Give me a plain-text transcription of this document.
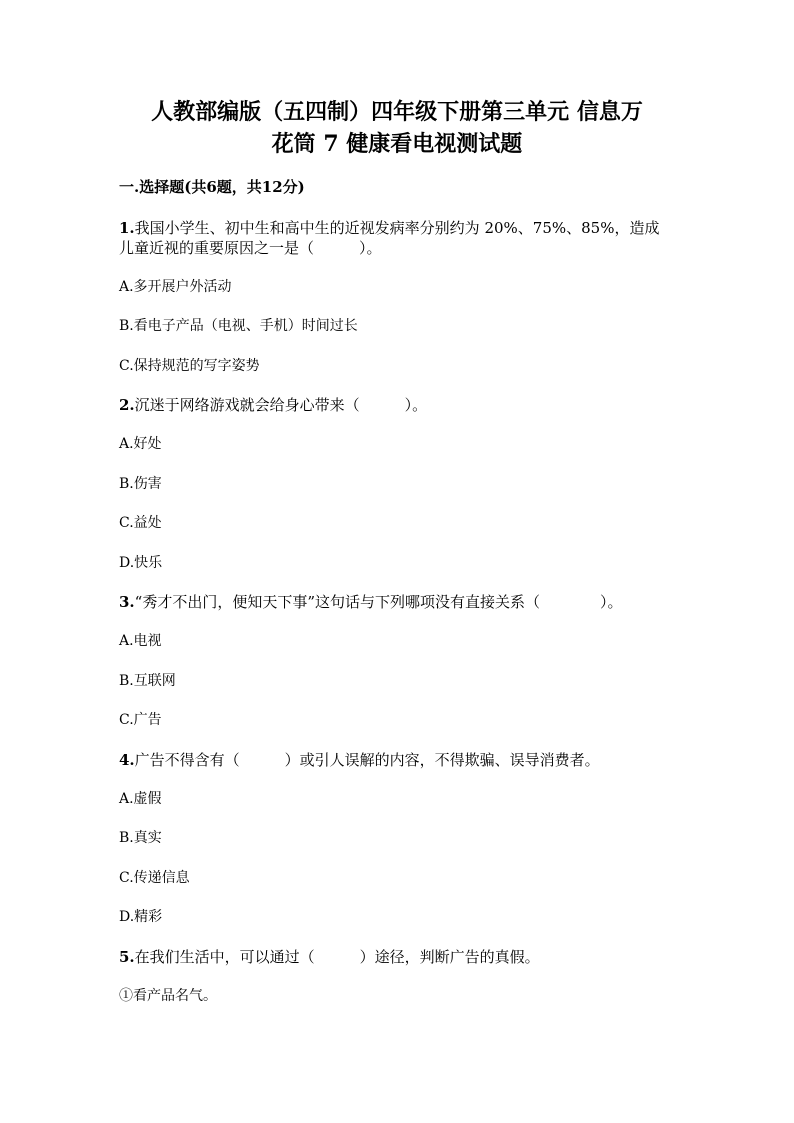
人教部编版（五四制）四年级下册第三单元 信息万
花筒 7 健康看电视测试题

一.选择题(共6题，共12分)

1.我国小学生、初中生和高中生的近视发病率分别约为 20%、75%、85%，造成

儿童近视的重要原因之一是（　　　）。

A.多开展户外活动

B.看电子产品（电视、手机）时间过长

C.保持规范的写字姿势

2.沉迷于网络游戏就会给身心带来（　　　）。

A.好处

B.伤害

C.益处

D.快乐

3.“秀才不出门，便知天下事”这句话与下列哪项没有直接关系（　　　　）。

A.电视

B.互联网

C.广告

4.广告不得含有（　　　）或引人误解的内容，不得欺骗、误导消费者。

A.虚假

B.真实

C.传递信息

D.精彩

5.在我们生活中，可以通过（　　　）途径，判断广告的真假。

①看产品名气。
